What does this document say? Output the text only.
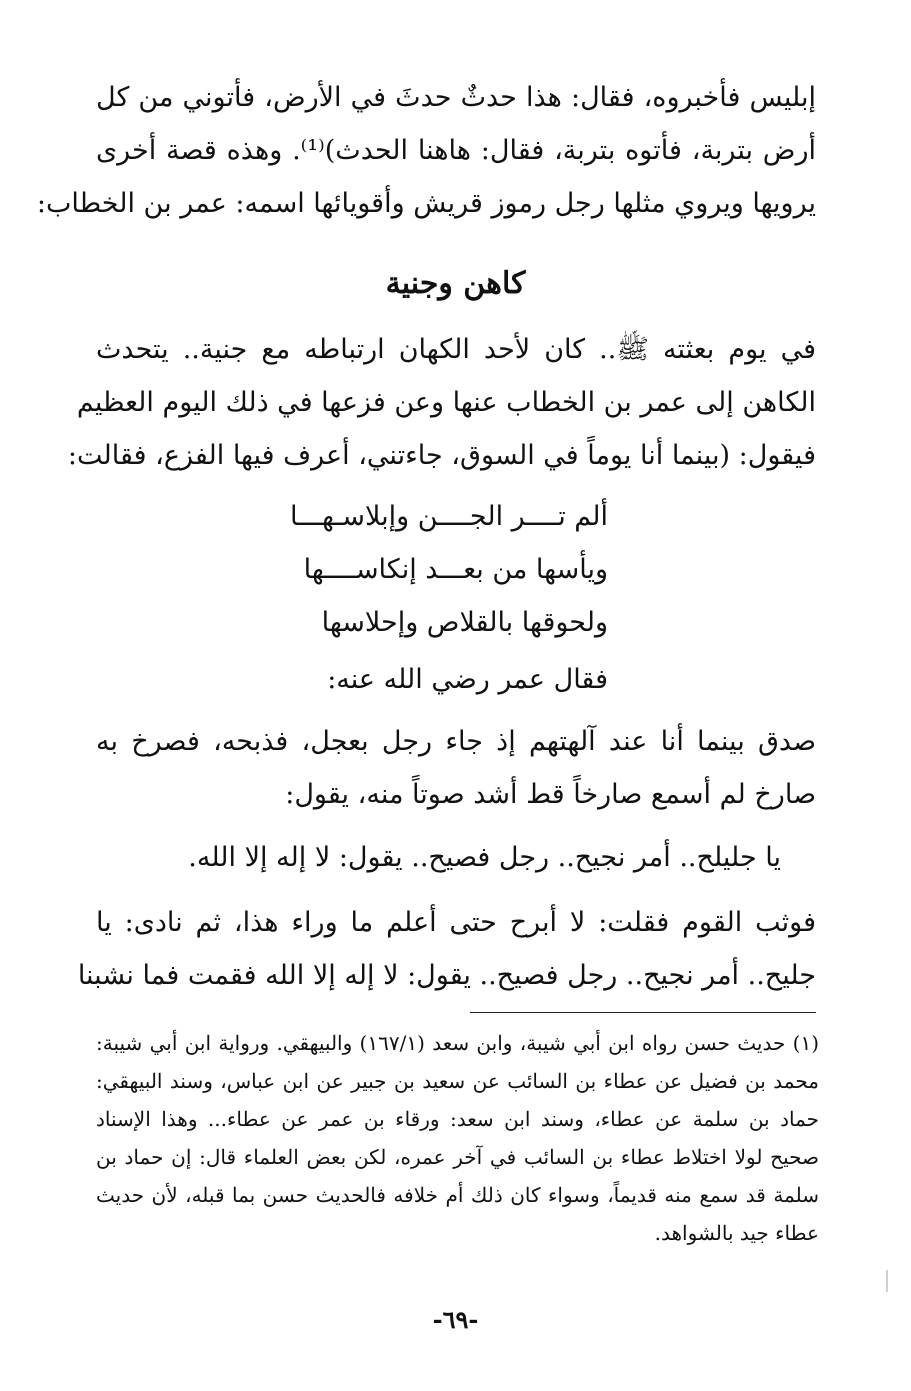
إبليس فأخبروه، فقال: هذا حدثٌ حدثَ في الأرض، فأتوني من كل
أرض بتربة، فأتوه بتربة، فقال: هاهنا الحدث)⁽¹⁾. وهذه قصة أخرى
يرويها ويروي مثلها رجل رموز قريش وأقويائها اسمه: عمر بن الخطاب:
كاهن وجنية
في يوم بعثته ﷺ.. كان لأحد الكهان ارتباطه مع جنية.. يتحدث
الكاهن إلى عمر بن الخطاب عنها وعن فزعها في ذلك اليوم العظيم
فيقول: (بينما أنا يوماً في السوق، جاءتني، أعرف فيها الفزع، فقالت:
ألم تــــر الجــــن وإبلاسـهـــا
ويأسها من بعـــد إنكاســــها
ولحوقها بالقلاص وإحلاسها
فقال عمر رضي الله عنه:
صدق بينما أنا عند آلهتهم إذ جاء رجل بعجل، فذبحه، فصرخ به
صارخ لم أسمع صارخاً قط أشد صوتاً منه، يقول:
يا جليلح.. أمر نجيح.. رجل فصيح.. يقول: لا إله إلا الله.
فوثب القوم فقلت: لا أبرح حتى أعلم ما وراء هذا، ثم نادى: يا
جليح.. أمر نجيح.. رجل فصيح.. يقول: لا إله إلا الله فقمت فما نشبنا
(١) حديث حسن رواه ابن أبي شيبة، وابن سعد (١٦٧/١) والبيهقي. ورواية ابن أبي شيبة:
محمد بن فضيل عن عطاء بن السائب عن سعيد بن جبير عن ابن عباس، وسند البيهقي:
حماد بن سلمة عن عطاء، وسند ابن سعد: ورقاء بن عمر عن عطاء... وهذا الإسناد
صحيح لولا اختلاط عطاء بن السائب في آخر عمره، لكن بعض العلماء قال: إن حماد بن
سلمة قد سمع منه قديماً، وسواء كان ذلك أم خلافه فالحديث حسن بما قبله، لأن حديث
عطاء جيد بالشواهد.
-٦٩-
